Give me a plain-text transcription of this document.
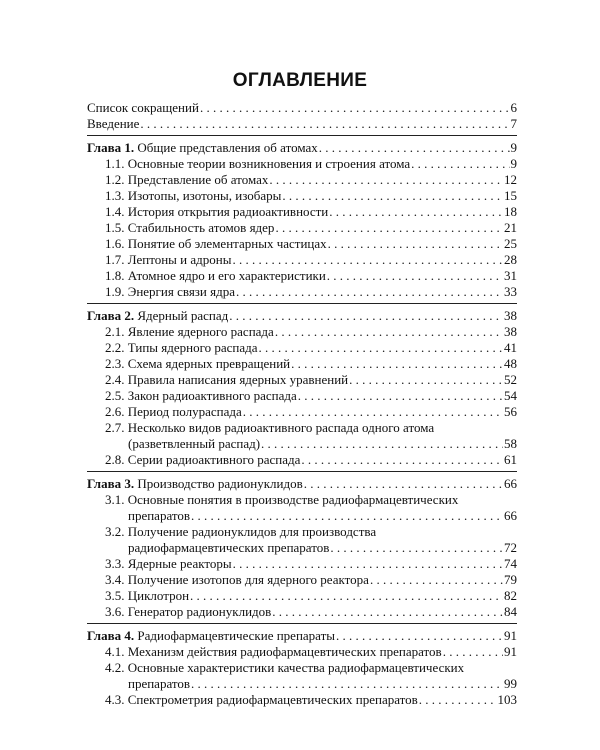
ОГЛАВЛЕНИЕ
Список сокращений . . .	6
Введение . . .	7
Глава 1. Общие представления об атомах . . .	9
1.1. Основные теории возникновения и строения атома . . .	9
1.2. Представление об атомах . . .	12
1.3. Изотопы, изотоны, изобары . . .	15
1.4. История открытия радиоактивности . . .	18
1.5. Стабильность атомов ядер . . .	21
1.6. Понятие об элементарных частицах . . .	25
1.7. Лептоны и адроны . . .	28
1.8. Атомное ядро и его характеристики . . .	31
1.9. Энергия связи ядра . . .	33
Глава 2. Ядерный распад . . .	38
2.1. Явление ядерного распада . . .	38
2.2. Типы ядерного распада . . .	41
2.3. Схема ядерных превращений . . .	48
2.4. Правила написания ядерных уравнений . . .	52
2.5. Закон радиоактивного распада . . .	54
2.6. Период полураспада . . .	56
2.7. Несколько видов радиоактивного распада одного атома
(разветвленный распад) . . .	58
2.8. Серии радиоактивного распада . . .	61
Глава 3. Производство радионуклидов . . .	66
3.1. Основные понятия в производстве радиофармацевтических
препаратов . . .	66
3.2. Получение радионуклидов для производства
радиофармацевтических препаратов . . .	72
3.3. Ядерные реакторы . . .	74
3.4. Получение изотопов для ядерного реактора . . .	79
3.5. Циклотрон . . .	82
3.6. Генератор радионуклидов . . .	84
Глава 4. Радиофармацевтические препараты . . .	91
4.1. Механизм действия радиофармацевтических препаратов . . .	91
4.2. Основные характеристики качества радиофармацевтических
препаратов . . .	99
4.3. Спектрометрия радиофармацевтических препаратов . . .	103
